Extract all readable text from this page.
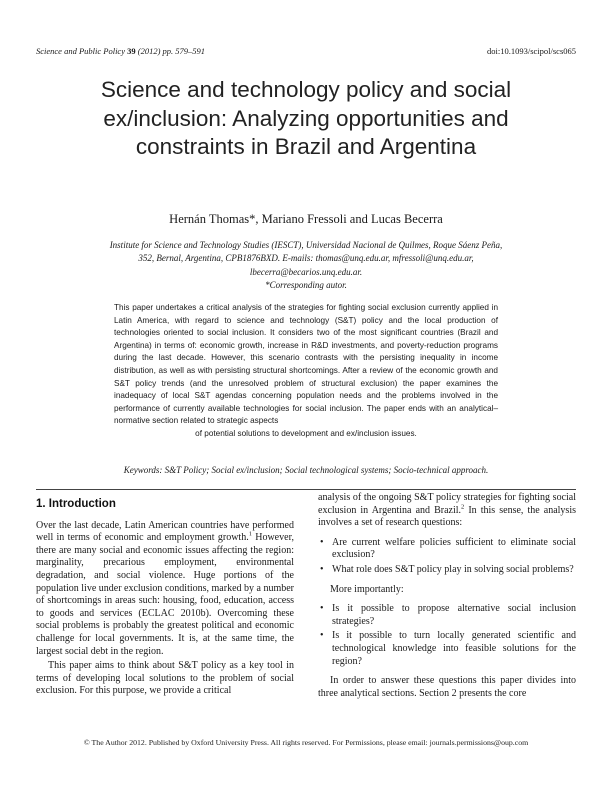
Science and Public Policy 39 (2012) pp. 579–591	doi:10.1093/scipol/scs065
Science and technology policy and social ex/inclusion: Analyzing opportunities and constraints in Brazil and Argentina
Hernán Thomas*, Mariano Fressoli and Lucas Becerra
Institute for Science and Technology Studies (IESCT), Universidad Nacional de Quilmes, Roque Sáenz Peña, 352, Bernal, Argentina, CPB1876BXD. E-mails: thomas@unq.edu.ar, mfressoli@unq.edu.ar, lbecerra@becarios.unq.edu.ar.
*Corresponding autor.
This paper undertakes a critical analysis of the strategies for fighting social exclusion currently applied in Latin America, with regard to science and technology (S&T) policy and the local production of technologies oriented to social inclusion. It considers two of the most significant countries (Brazil and Argentina) in terms of: economic growth, increase in R&D investments, and poverty-reduction programs during the last decade. However, this scenario contrasts with the persisting inequality in income distribution, as well as with persisting structural shortcomings. After a review of the economic growth and S&T policy trends (and the unresolved problem of structural exclusion) the paper examines the inadequacy of local S&T agendas concerning population needs and the problems involved in the performance of currently available technologies for social inclusion. The paper ends with an analytical–normative section related to strategic aspects
of potential solutions to development and ex/inclusion issues.
Keywords: S&T Policy; Social ex/inclusion; Social technological systems; Socio-technical approach.

1. Introduction

Over the last decade, Latin American countries have performed well in terms of economic and employment growth.$^1$ However, there are many social and economic issues affecting the region: marginality, precarious employment, environmental degradation, and social violence. Huge portions of the population live under exclusion conditions, marked by a number of shortcomings in areas such: housing, food, education, access to goods and services (ECLAC 2010b). Overcoming these social problems is probably the greatest political and economic challenge for local governments. It is, at the same time, the largest social debt in the region.

This paper aims to think about S&T policy as a key tool in terms of developing local solutions to the problem of social exclusion. For this purpose, we provide a critical

analysis of the ongoing S&T policy strategies for fighting social exclusion in Argentina and Brazil.$^2$ In this sense, the analysis involves a set of research questions:

• Are current welfare policies sufficient to eliminate social exclusion?
• What role does S&T policy play in solving social problems?

More importantly:

• Is it possible to propose alternative social inclusion strategies?
• Is it possible to turn locally generated scientific and technological knowledge into feasible solutions for the region?

In order to answer these questions this paper divides into three analytical sections. Section 2 presents the core

© The Author 2012. Published by Oxford University Press. All rights reserved. For Permissions, please email: journals.permissions@oup.com
